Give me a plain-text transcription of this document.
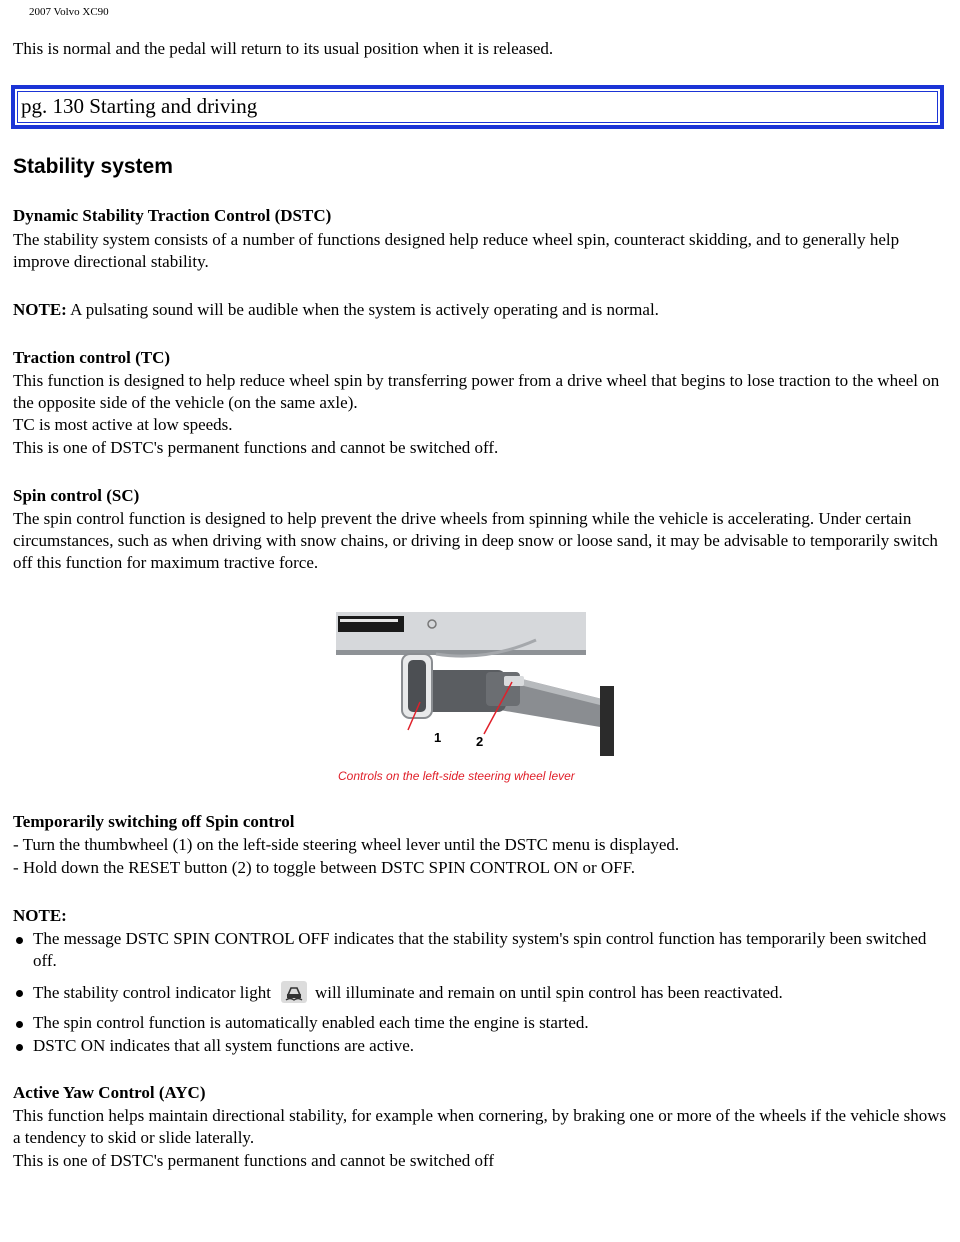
2007 Volvo XC90

This is normal and the pedal will return to its usual position when it is released.

pg. 130 Starting and driving
Stability system
Dynamic Stability Traction Control (DSTC)

The stability system consists of a number of functions designed help reduce wheel spin, counteract skidding, and to generally help improve directional stability.

NOTE: A pulsating sound will be audible when the system is actively operating and is normal.

Traction control (TC)

This function is designed to help reduce wheel spin by transferring power from a drive wheel that begins to lose traction to the wheel on the opposite side of the vehicle (on the same axle).

TC is most active at low speeds.

This is one of DSTC's permanent functions and cannot be switched off.

Spin control (SC)

The spin control function is designed to help prevent the drive wheels from spinning while the vehicle is accelerating. Under certain circumstances, such as when driving with snow chains, or driving in deep snow or loose sand, it may be advisable to temporarily switch off this function for maximum tractive force.

1	2
Controls on the left-side steering wheel lever
Temporarily switching off Spin control

- Turn the thumbwheel (1) on the left-side steering wheel lever until the DSTC menu is displayed.

- Hold down the RESET button (2) to toggle between DSTC SPIN CONTROL ON or OFF.

NOTE:
The message DSTC SPIN CONTROL OFF indicates that the stability system's spin control function has temporarily been switched off.
The stability control indicator light	will illuminate and remain on until spin control has been reactivated.
The spin control function is automatically enabled each time the engine is started.
DSTC ON indicates that all system functions are active.
Active Yaw Control (AYC)

This function helps maintain directional stability, for example when cornering, by braking one or more of the wheels if the vehicle shows a tendency to skid or slide laterally.

This is one of DSTC's permanent functions and cannot be switched off
